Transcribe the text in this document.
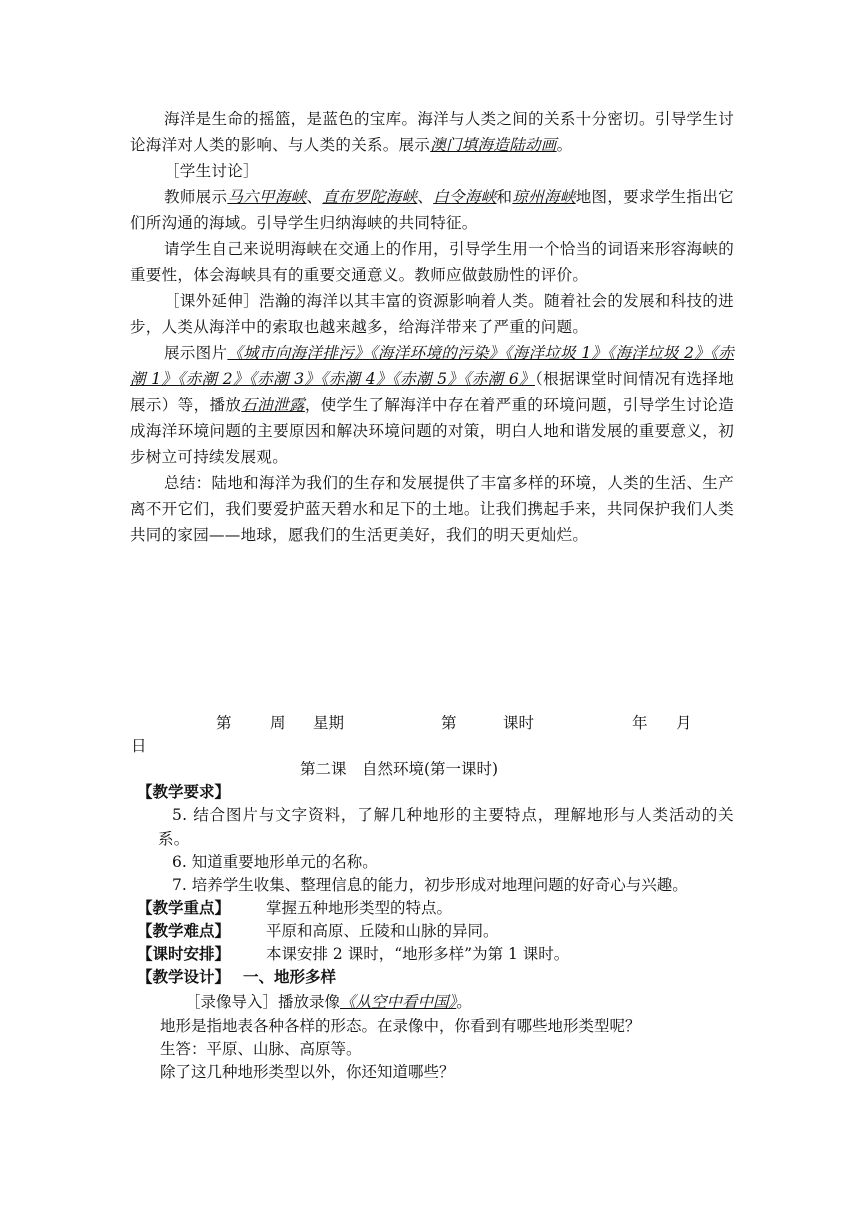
海洋是生命的摇篮，是蓝色的宝库。海洋与人类之间的关系十分密切。引导学生讨论海洋对人类的影响、与人类的关系。展示澳门填海造陆动画。
［学生讨论］
教师展示马六甲海峡、直布罗陀海峡、白令海峡和琼州海峡地图，要求学生指出它们所沟通的海域。引导学生归纳海峡的共同特征。
请学生自己来说明海峡在交通上的作用，引导学生用一个恰当的词语来形容海峡的重要性，体会海峡具有的重要交通意义。教师应做鼓励性的评价。
［课外延伸］浩瀚的海洋以其丰富的资源影响着人类。随着社会的发展和科技的进步，人类从海洋中的索取也越来越多，给海洋带来了严重的问题。
展示图片《城市向海洋排污》《海洋环境的污染》《海洋垃圾 1》《海洋垃圾 2》《赤潮 1》《赤潮 2》《赤潮 3》《赤潮 4》《赤潮 5》《赤潮 6》（根据课堂时间情况有选择地展示）等，播放石油泄露，使学生了解海洋中存在着严重的环境问题，引导学生讨论造成海洋环境问题的主要原因和解决环境问题的对策，明白人地和谐发展的重要意义，初步树立可持续发展观。
总结：陆地和海洋为我们的生存和发展提供了丰富多样的环境，人类的生活、生产离不开它们，我们要爱护蓝天碧水和足下的土地。让我们携起手来，共同保护我们人类共同的家园——地球，愿我们的生活更美好，我们的明天更灿烂。
第 周 星期	第	课时	年 月
日
第二课　自然环境(第一课时)
【教学要求】
5. 结合图片与文字资料，了解几种地形的主要特点，理解地形与人类活动的关系。
6. 知道重要地形单元的名称。
7. 培养学生收集、整理信息的能力，初步形成对地理问题的好奇心与兴趣。
【教学重点】 掌握五种地形类型的特点。
【教学难点】 平原和高原、丘陵和山脉的异同。
【课时安排】 本课安排 2 课时，“地形多样”为第 1 课时。
【教学设计】 一、地形多样
［录像导入］播放录像《从空中看中国》。
地形是指地表各种各样的形态。在录像中，你看到有哪些地形类型呢？
生答：平原、山脉、高原等。
除了这几种地形类型以外，你还知道哪些？
